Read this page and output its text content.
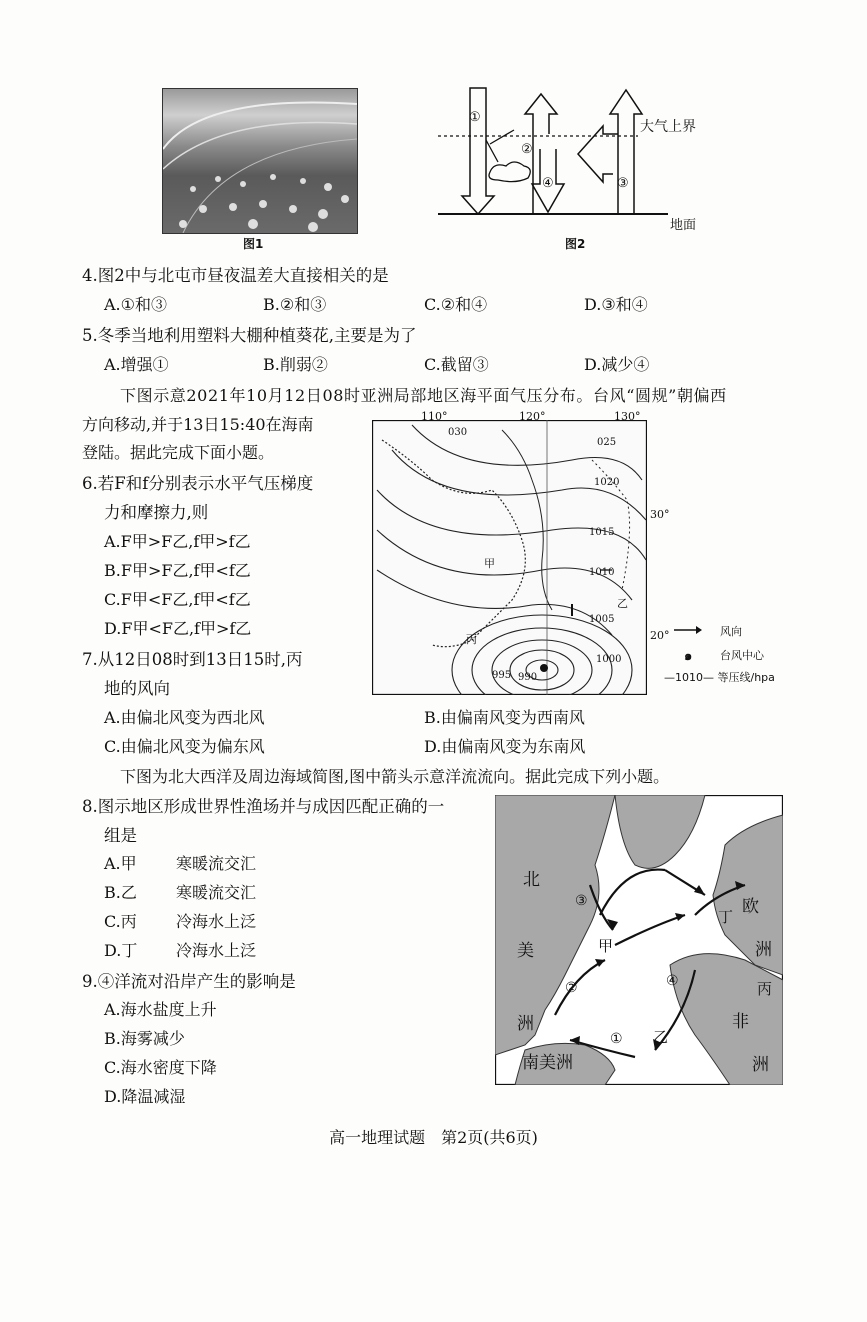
图1
①
②
③
④
大气上界
地面
图2
4.图2中与北屯市昼夜温差大直接相关的是
A.①和③	B.②和③	C.②和④	D.③和④
5.冬季当地利用塑料大棚种植葵花,主要是为了
A.增强①	B.削弱②	C.截留③	D.减少④
下图示意2021年10月12日08时亚洲局部地区海平面气压分布。台风“圆规”朝偏西
方向移动,并于13日15:40在海南
登陆。据此完成下面小题。
6.若F和f分别表示水平气压梯度
力和摩擦力,则
A.F甲>F乙,f甲>f乙
B.F甲>F乙,f甲<f乙
C.F甲<F乙,f甲<f乙
D.F甲<F乙,f甲>f乙
7.从12日08时到13日15时,丙
地的风向
A.由偏北风变为西北风	B.由偏南风变为西南风
C.由偏北风变为偏东风	D.由偏南风变为东南风
110°	120°	130°
30°
20°
030
025
1020
1015
1010
1005
1000
995 990
甲
乙
丙
风向
๑	台风中心
—1010— 等压线/hpa
下图为北大西洋及周边海域简图,图中箭头示意洋流流向。据此完成下列小题。
8.图示地区形成世界性渔场并与成因匹配正确的一
组是
A.甲 寒暖流交汇
B.乙 寒暖流交汇
C.丙 冷海水上泛
D.丁 冷海水上泛
9.④洋流对沿岸产生的影响是
A.海水盐度上升
B.海雾减少
C.海水密度下降
D.降温减湿
北
美
洲
欧
洲
非
洲
南美洲
甲
乙
丙
丁
①
②
③
④
高一地理试题　第2页(共6页)
